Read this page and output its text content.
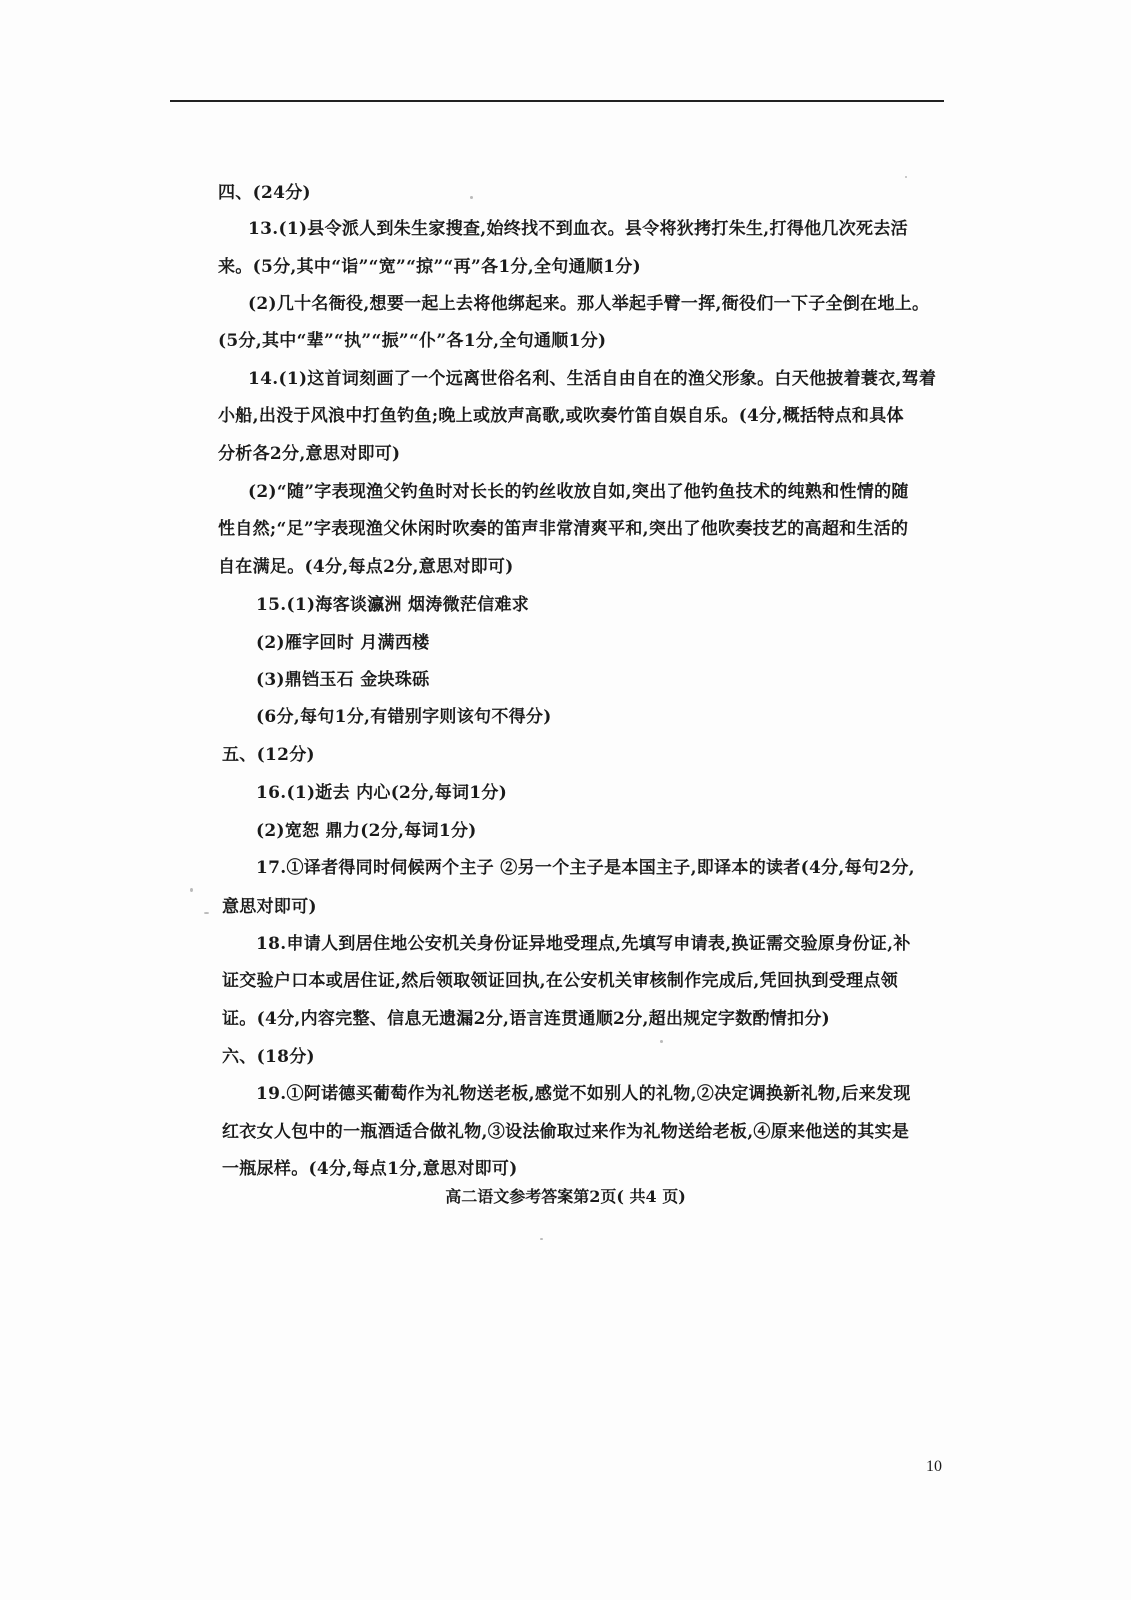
四、(24分)
13.(1)县令派人到朱生家搜查,始终找不到血衣。县令将狄拷打朱生,打得他几次死去活
来。(5分,其中“诣”“宽”“掠”“再”各1分,全句通顺1分)
(2)几十名衙役,想要一起上去将他绑起来。那人举起手臂一挥,衙役们一下子全倒在地上。
(5分,其中“辈”“执”“振”“仆”各1分,全句通顺1分)
14.(1)这首词刻画了一个远离世俗名利、生活自由自在的渔父形象。白天他披着蓑衣,驾着
小船,出没于风浪中打鱼钓鱼;晚上或放声高歌,或吹奏竹笛自娱自乐。(4分,概括特点和具体
分析各2分,意思对即可)
(2)“随”字表现渔父钓鱼时对长长的钓丝收放自如,突出了他钓鱼技术的纯熟和性情的随
性自然;“足”字表现渔父休闲时吹奏的笛声非常清爽平和,突出了他吹奏技艺的高超和生活的
自在满足。(4分,每点2分,意思对即可)
15.(1)海客谈瀛洲 烟涛微茫信难求
(2)雁字回时 月满西楼
(3)鼎铛玉石 金块珠砾
(6分,每句1分,有错别字则该句不得分)
五、(12分)
16.(1)逝去 内心(2分,每词1分)
(2)宽恕 鼎力(2分,每词1分)
17.①译者得同时伺候两个主子 ②另一个主子是本国主子,即译本的读者(4分,每句2分,
意思对即可)
18.申请人到居住地公安机关身份证异地受理点,先填写申请表,换证需交验原身份证,补
证交验户口本或居住证,然后领取领证回执,在公安机关审核制作完成后,凭回执到受理点领
证。(4分,内容完整、信息无遗漏2分,语言连贯通顺2分,超出规定字数酌情扣分)
六、(18分)
19.①阿诺德买葡萄作为礼物送老板,感觉不如别人的礼物,②决定调换新礼物,后来发现
红衣女人包中的一瓶酒适合做礼物,③设法偷取过来作为礼物送给老板,④原来他送的其实是
一瓶尿样。(4分,每点1分,意思对即可)
高二语文参考答案第2页( 共4 页)
10
